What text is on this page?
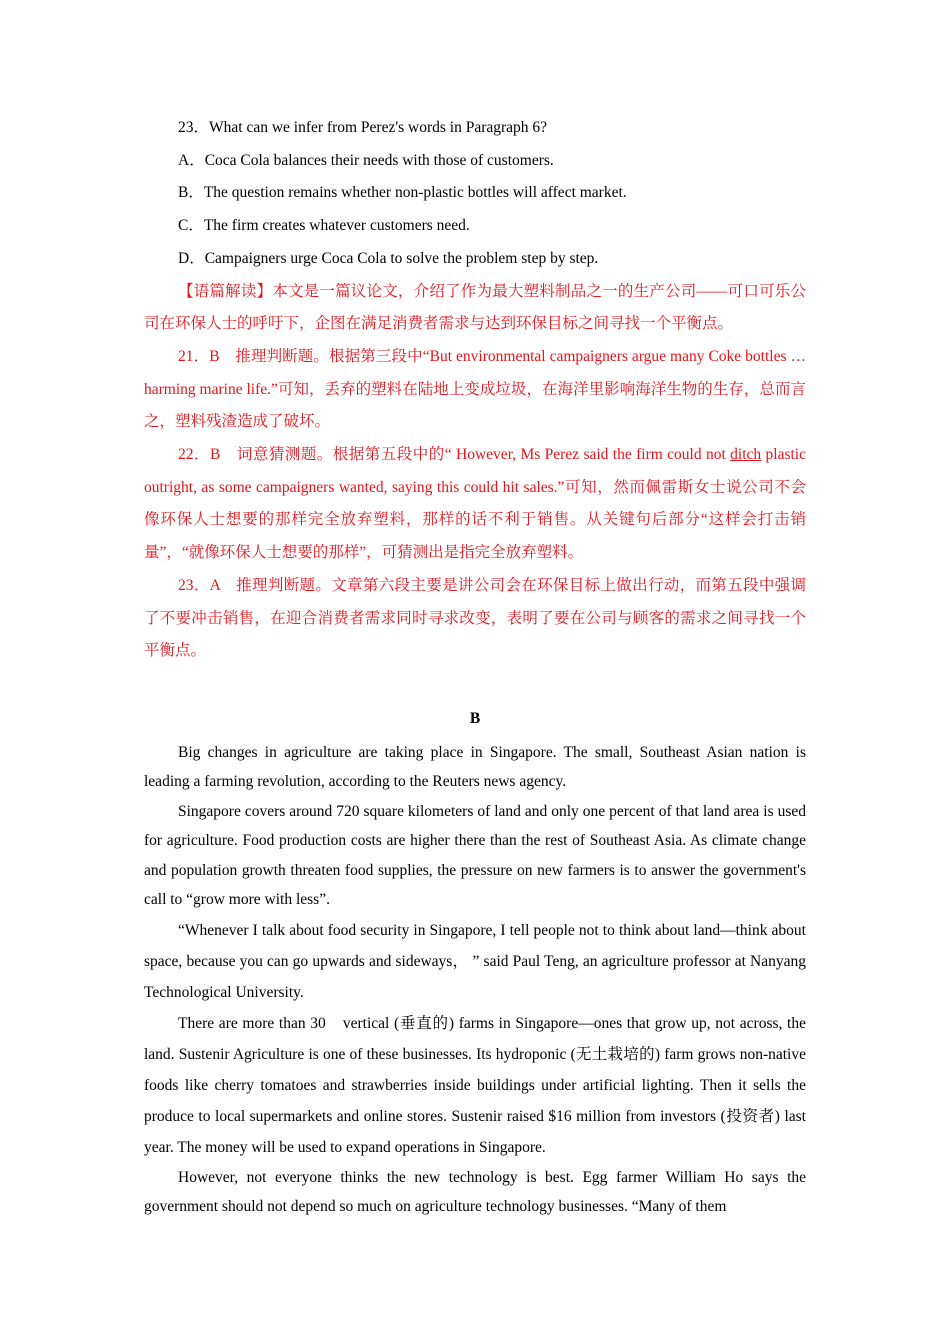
23．What can we infer from Perez's words in Paragraph 6?

A．Coca Cola balances their needs with those of customers.

B．The question remains whether non-plastic bottles will affect market.

C．The firm creates whatever customers need.

D．Campaigners urge Coca Cola to solve the problem step by step.

【语篇解读】本文是一篇议论文，介绍了作为最大塑料制品之一的生产公司——可口可乐公司在环保人士的呼吁下，企图在满足消费者需求与达到环保目标之间寻找一个平衡点。

21．B　推理判断题。根据第三段中“But environmental campaigners argue many Coke bottles … harming marine life.”可知，丢弃的塑料在陆地上变成垃圾，在海洋里影响海洋生物的生存，总而言之，塑料残渣造成了破坏。

22．B　词意猜测题。根据第五段中的“ However, Ms Perez said the firm could not ditch plastic outright, as some campaigners wanted, saying this could hit sales.”可知，然而佩雷斯女士说公司不会像环保人士想要的那样完全放弃塑料，那样的话不利于销售。从关键句后部分“这样会打击销量”，“就像环保人士想要的那样”，可猜测出是指完全放弃塑料。

23．A　推理判断题。文章第六段主要是讲公司会在环保目标上做出行动，而第五段中强调了不要冲击销售，在迎合消费者需求同时寻求改变，表明了要在公司与顾客的需求之间寻找一个平衡点。

B

Big changes in agriculture are taking place in Singapore. The small, Southeast Asian nation is leading a farming revolution, according to the Reuters news agency.

Singapore covers around 720 square kilometers of land and only one percent of that land area is used for agriculture. Food production costs are higher there than the rest of Southeast Asia. As climate change and population growth threaten food supplies, the pressure on new farmers is to answer the government's call to “grow more with less”.

“Whenever I talk about food security in Singapore, I tell people not to think about land—think about space, because you can go upwards and sideways， ” said Paul Teng, an agriculture professor at Nanyang Technological University.

There are more than 30　vertical (垂直的) farms in Singapore—ones that grow up, not across, the land. Sustenir Agriculture is one of these businesses. Its hydroponic (无土栽培的) farm grows non-native foods like cherry tomatoes and strawberries inside buildings under artificial lighting. Then it sells the produce to local supermarkets and online stores. Sustenir raised $16 million from investors (投资者) last year. The money will be used to expand operations in Singapore.

However, not everyone thinks the new technology is best. Egg farmer William Ho says the government should not depend so much on agriculture technology businesses. “Many of them
